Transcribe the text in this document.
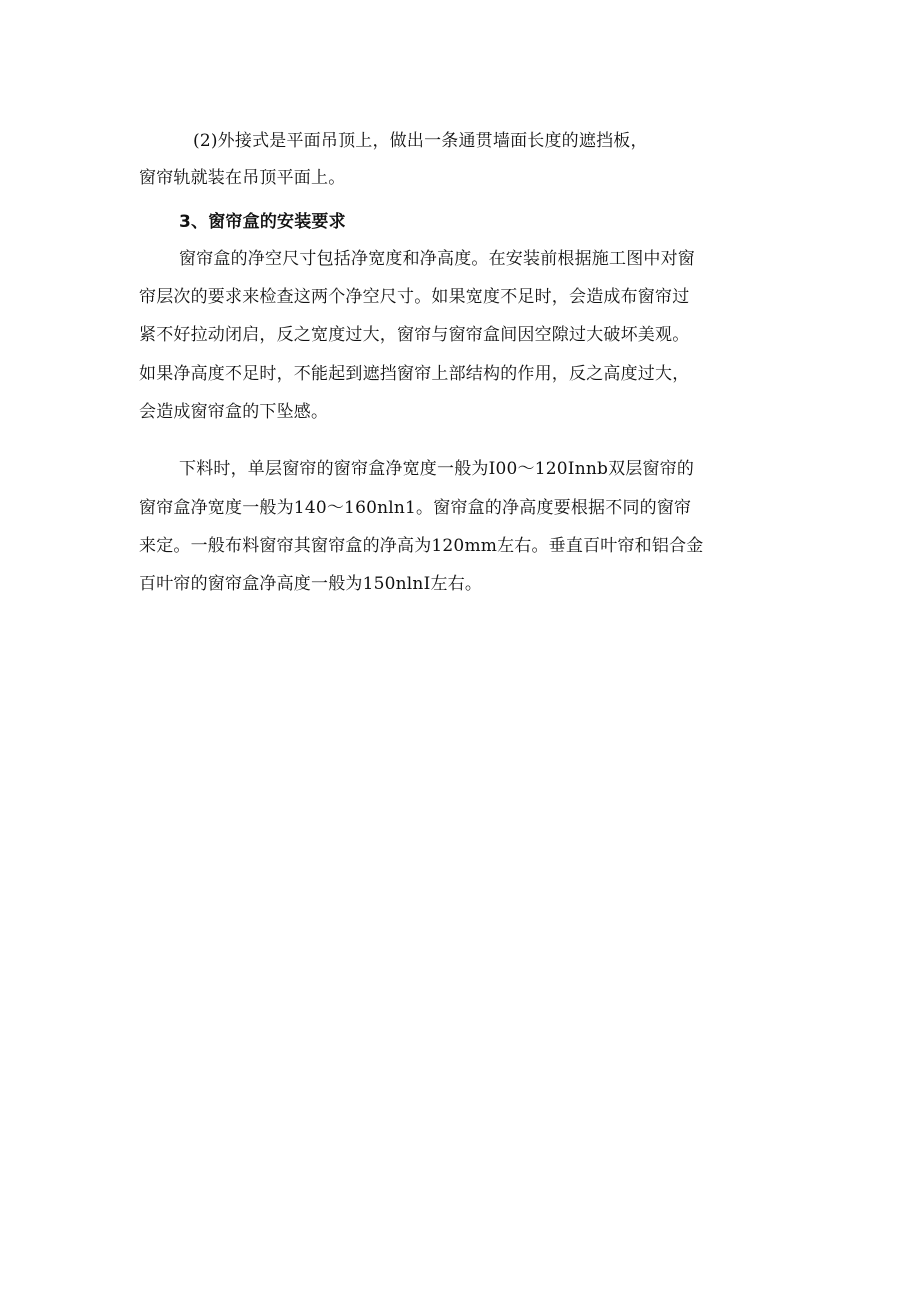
(2)外接式是平面吊顶上，做出一条通贯墙面长度的遮挡板，
窗帘轨就装在吊顶平面上。
3、窗帘盒的安装要求
窗帘盒的净空尺寸包括净宽度和净高度。在安装前根据施工图中对窗
帘层次的要求来检查这两个净空尺寸。如果宽度不足时，会造成布窗帘过
紧不好拉动闭启，反之宽度过大，窗帘与窗帘盒间因空隙过大破坏美观。
如果净高度不足时，不能起到遮挡窗帘上部结构的作用，反之高度过大，
会造成窗帘盒的下坠感。
下料时，单层窗帘的窗帘盒净宽度一般为I00～120Innb双层窗帘的
窗帘盒净宽度一般为140～160nln1。窗帘盒的净高度要根据不同的窗帘
来定。一般布料窗帘其窗帘盒的净高为120mm左右。垂直百叶帘和铝合金
百叶帘的窗帘盒净高度一般为150nlnI左右。
